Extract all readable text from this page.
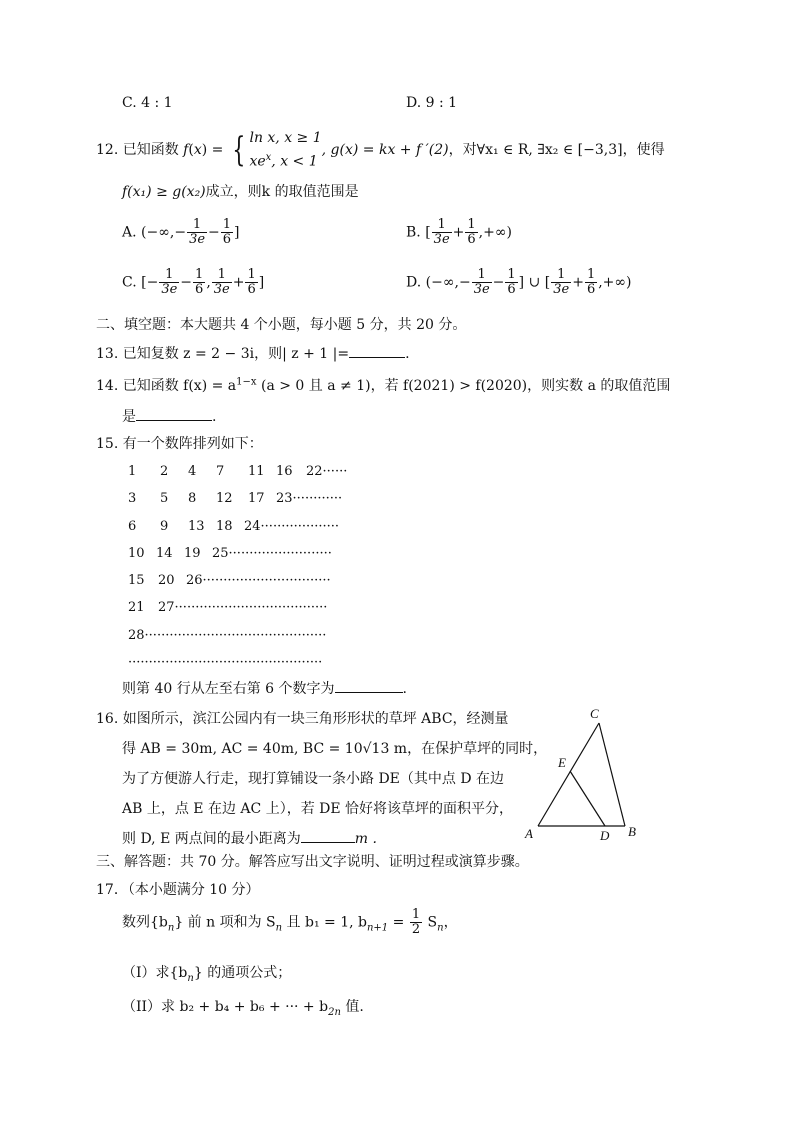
C. 4 : 1	D. 9 : 1
12. 已知函数 f(x) = { ln x, x ≥ 1
$xe^x$, x < 1
, g(x) = kx + f ′(2)，对∀x₁ ∈ R, ∃x₂ ∈ [−3,3]，使得
f(x₁) ≥ g(x₂)成立，则k 的取值范围是
A. (−∞,− $\frac{1}{3e} - \frac{1}{6}$ ]	B. [ $\frac{1}{3e} + \frac{1}{6}$ ,+∞)
C. [− $\frac{1}{3e} - \frac{1}{6}$ , $\frac{1}{3e} + \frac{1}{6}$ ]	D. (−∞,− $\frac{1}{3e} - \frac{1}{6}$ ] ∪ [ $\frac{1}{3e} + \frac{1}{6}$ ,+∞)
二、填空题：本大题共 4 个小题，每小题 5 分，共 20 分。
13. 已知复数 z = 2 − 3i，则| z + 1 |=	.
14. 已知函数 $f(x) = a^{1-x}$ (a > 0 且 a ≠ 1)，若 f(2021) > f(2020)，则实数 a 的取值范围
是	.
15. 有一个数阵排列如下：
1 2 4 7 11 16 22······
3 5 8 12 17 23············
6 9 13 18 24···················
10 14 19 25·························
15 20 26·······························
21 27·····································
28············································
···············································
则第 40 行从左至右第 6 个数字为	.
16. 如图所示，滨江公园内有一块三角形形状的草坪 ABC，经测量
得 AB = 30m, AC = 40m, BC = 10√13 m，在保护草坪的同时，
为了方便游人行走，现打算铺设一条小路 DE（其中点 D 在边
AB 上，点 E 在边 AC 上），若 DE 恰好将该草坪的面积平分，
则 D, E 两点间的最小距离为	m .
C
E
A	D B
三、解答题：共 70 分。解答应写出文字说明、证明过程或演算步骤。
17．（本小题满分 10 分）
数列$\{b_n\}$ 前 n 项和为 $S_n$ 且 b₁ = 1, $b_{n+1} = \frac{1}{2} S_n$，
（I）求$\{b_n\}$ 的通项公式；
（II）求 b₂ + b₄ + b₆ + ··· + $b_{2n}$ 值.
